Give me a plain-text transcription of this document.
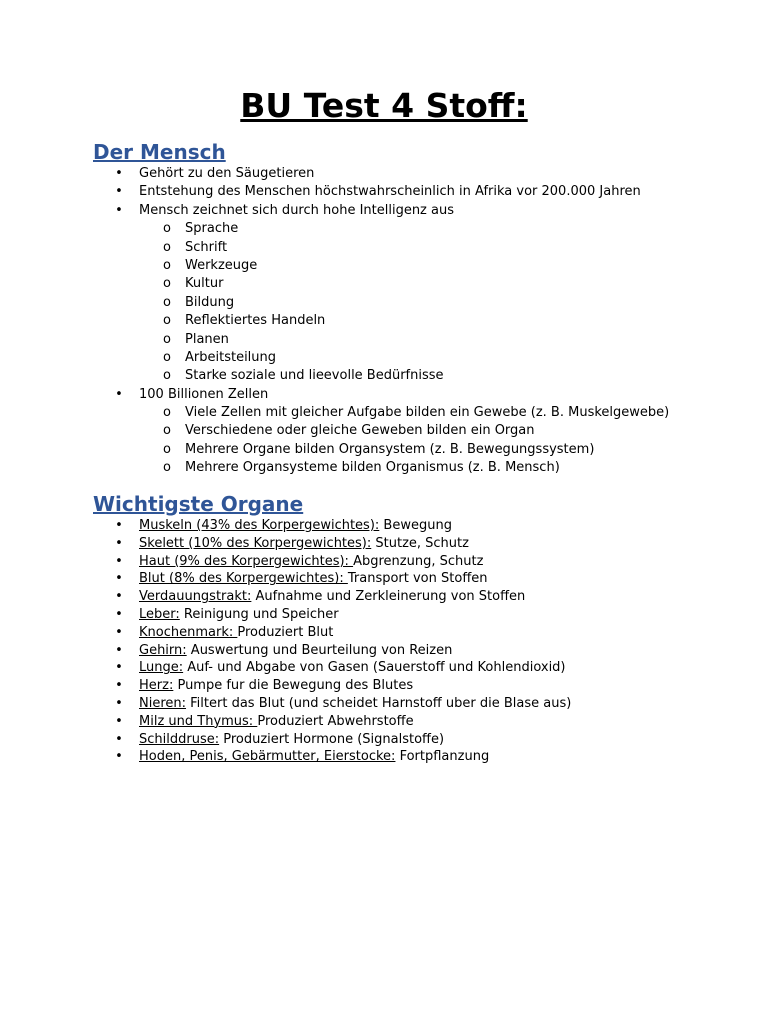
BU Test 4 Stoff:
Der Mensch
• Gehört zu den Säugetieren
• Entstehung des Menschen höchstwahrscheinlich in Afrika vor 200.000 Jahren
• Mensch zeichnet sich durch hohe Intelligenz aus
o Sprache
o Schrift
o Werkzeuge
o Kultur
o Bildung
o Reflektiertes Handeln
o Planen
o Arbeitsteilung
o Starke soziale und lieevolle Bedürfnisse
• 100 Billionen Zellen
o Viele Zellen mit gleicher Aufgabe bilden ein Gewebe (z. B. Muskelgewebe)
o Verschiedene oder gleiche Geweben bilden ein Organ
o Mehrere Organe bilden Organsystem (z. B. Bewegungssystem)
o Mehrere Organsysteme bilden Organismus (z. B. Mensch)
Wichtigste Organe
• Muskeln (43% des Korpergewichtes): Bewegung
• Skelett (10% des Korpergewichtes): Stutze, Schutz
• Haut (9% des Korpergewichtes): Abgrenzung, Schutz
• Blut (8% des Korpergewichtes): Transport von Stoffen
• Verdauungstrakt: Aufnahme und Zerkleinerung von Stoffen
• Leber: Reinigung und Speicher
• Knochenmark: Produziert Blut
• Gehirn: Auswertung und Beurteilung von Reizen
• Lunge: Auf- und Abgabe von Gasen (Sauerstoff und Kohlendioxid)
• Herz: Pumpe fur die Bewegung des Blutes
• Nieren: Filtert das Blut (und scheidet Harnstoff uber die Blase aus)
• Milz und Thymus: Produziert Abwehrstoffe
• Schilddruse: Produziert Hormone (Signalstoffe)
• Hoden, Penis, Gebärmutter, Eierstocke: Fortpflanzung
